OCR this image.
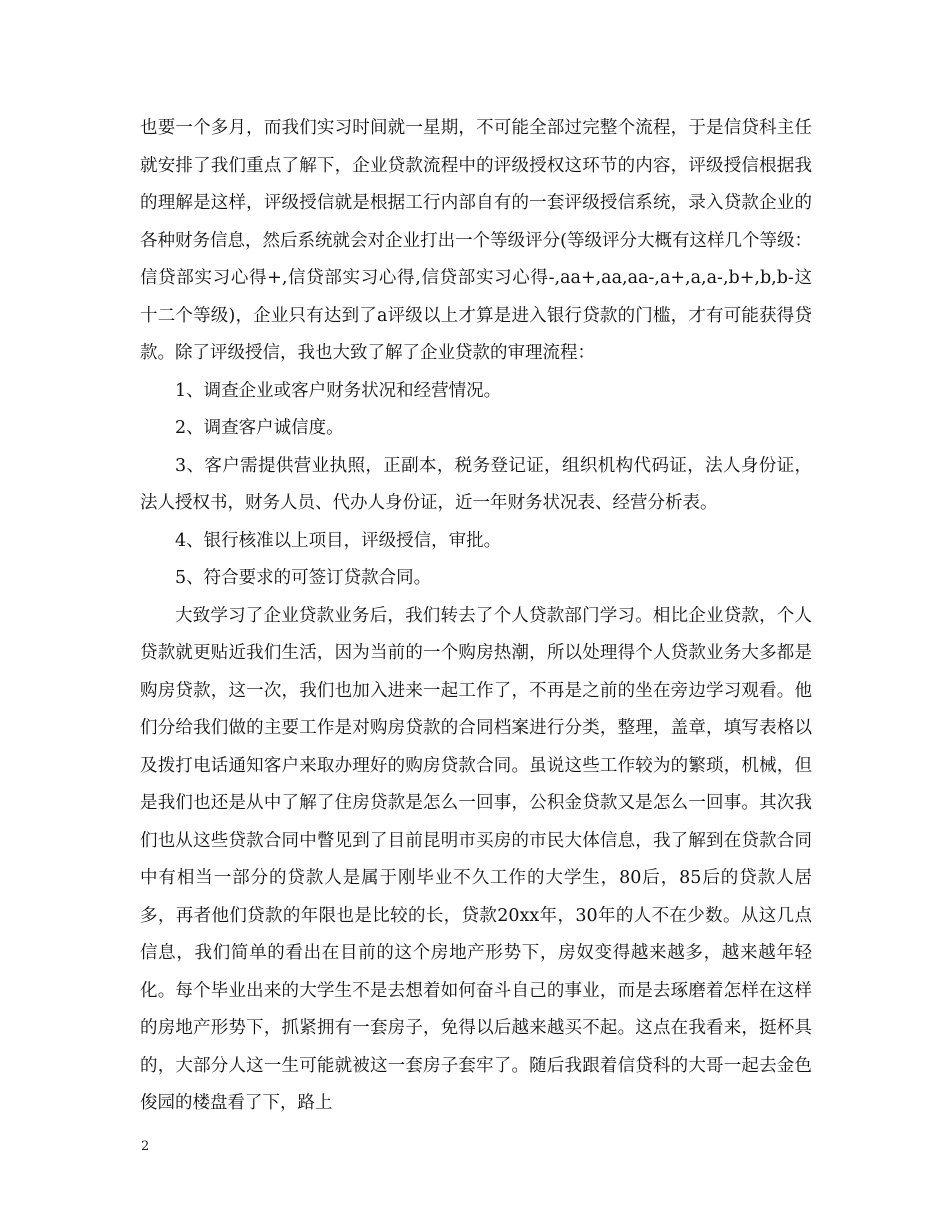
也要一个多月，而我们实习时间就一星期，不可能全部过完整个流程，于是信贷科主任就安排了我们重点了解下，企业贷款流程中的评级授权这环节的内容，评级授信根据我的理解是这样，评级授信就是根据工行内部自有的一套评级授信系统，录入贷款企业的各种财务信息，然后系统就会对企业打出一个等级评分(等级评分大概有这样几个等级：信贷部实习心得+,信贷部实习心得,信贷部实习心得-,aa+,aa,aa-,a+,a,a-,b+,b,b-这十二个等级)，企业只有达到了a评级以上才算是进入银行贷款的门槛，才有可能获得贷款。除了评级授信，我也大致了解了企业贷款的审理流程：

1、调查企业或客户财务状况和经营情况。

2、调查客户诚信度。

3、客户需提供营业执照，正副本，税务登记证，组织机构代码证，法人身份证，法人授权书，财务人员、代办人身份证，近一年财务状况表、经营分析表。

4、银行核准以上项目，评级授信，审批。

5、符合要求的可签订贷款合同。

大致学习了企业贷款业务后，我们转去了个人贷款部门学习。相比企业贷款，个人贷款就更贴近我们生活，因为当前的一个购房热潮，所以处理得个人贷款业务大多都是购房贷款，这一次，我们也加入进来一起工作了，不再是之前的坐在旁边学习观看。他们分给我们做的主要工作是对购房贷款的合同档案进行分类，整理，盖章，填写表格以及拨打电话通知客户来取办理好的购房贷款合同。虽说这些工作较为的繁琐，机械，但是我们也还是从中了解了住房贷款是怎么一回事，公积金贷款又是怎么一回事。其次我们也从这些贷款合同中瞥见到了目前昆明市买房的市民大体信息，我了解到在贷款合同中有相当一部分的贷款人是属于刚毕业不久工作的大学生，80后，85后的贷款人居多，再者他们贷款的年限也是比较的长，贷款20xx年，30年的人不在少数。从这几点信息，我们简单的看出在目前的这个房地产形势下，房奴变得越来越多，越来越年轻化。每个毕业出来的大学生不是去想着如何奋斗自己的事业，而是去琢磨着怎样在这样的房地产形势下，抓紧拥有一套房子，免得以后越来越买不起。这点在我看来，挺杯具的，大部分人这一生可能就被这一套房子套牢了。随后我跟着信贷科的大哥一起去金色俊园的楼盘看了下，路上

2
